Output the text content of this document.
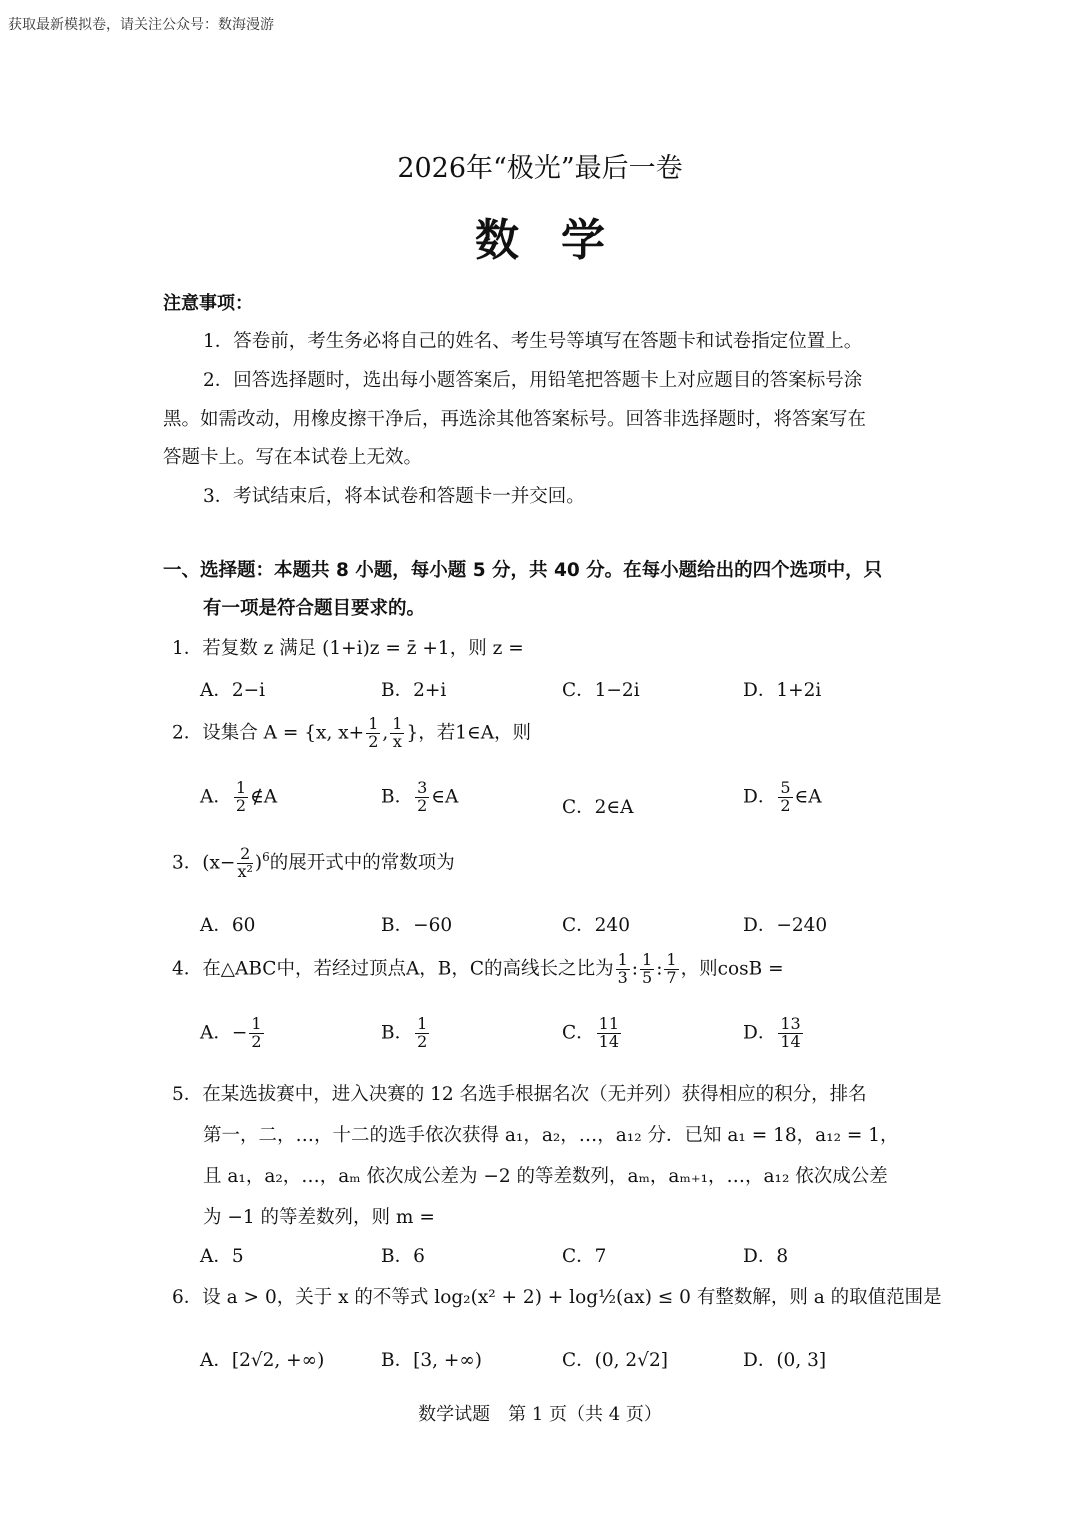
获取最新模拟卷，请关注公众号：数海漫游
2026年“极光”最后一卷
数学
注意事项：
1．答卷前，考生务必将自己的姓名、考生号等填写在答题卡和试卷指定位置上。
2．回答选择题时，选出每小题答案后，用铅笔把答题卡上对应题目的答案标号涂
黑。如需改动，用橡皮擦干净后，再选涂其他答案标号。回答非选择题时，将答案写在
答题卡上。写在本试卷上无效。
3．考试结束后，将本试卷和答题卡一并交回。
一、选择题：本题共 8 小题，每小题 5 分，共 40 分。在每小题给出的四个选项中，只
有一项是符合题目要求的。
1．若复数 z 满足 (1+i)z = z̄ +1，则 z =
A．2−i	B．2+i	C．1−2i	D．1+2i
2．设集合 A = {x, $x+ \frac{1}{2}$ , $\frac{1}{x}$ }，若1∈A，则
A． $\frac{1}{2}$ ∉A	B． $\frac{3}{2}$ ∈A
C．2∈A
D． $\frac{5}{2}$ ∈A
3．$(x- \frac{2}{\text{x²}} )^6$的展开式中的常数项为
A．60	B．−60	C．240	D．−240
4．在△ABC中，若经过顶点A，B，C的高线长之比为 $\frac{1}{3}$ : $\frac{1}{5}$ : $\frac{1}{7}$ ，则cosB =
A．− $\frac{1}{2}$	B． $\frac{1}{2}$	C． $\frac{11}{14}$	D． $\frac{13}{14}$
5．在某选拔赛中，进入决赛的 12 名选手根据名次（无并列）获得相应的积分，排名
第一，二，…，十二的选手依次获得 a₁，a₂，…，a₁₂ 分．已知 a₁ = 18，a₁₂ = 1，
且 a₁，a₂，…，aₘ 依次成公差为 −2 的等差数列，aₘ，aₘ₊₁，…，a₁₂ 依次成公差
为 −1 的等差数列，则 m =
A．5	B．6	C．7	D．8
6．设 a > 0，关于 x 的不等式 log₂(x² + 2) + log½(ax) ≤ 0 有整数解，则 a 的取值范围是
A．[2√2, +∞)	B．[3, +∞)	C．(0, 2√2]	D．(0, 3]
数学试题　第 1 页（共 4 页）
